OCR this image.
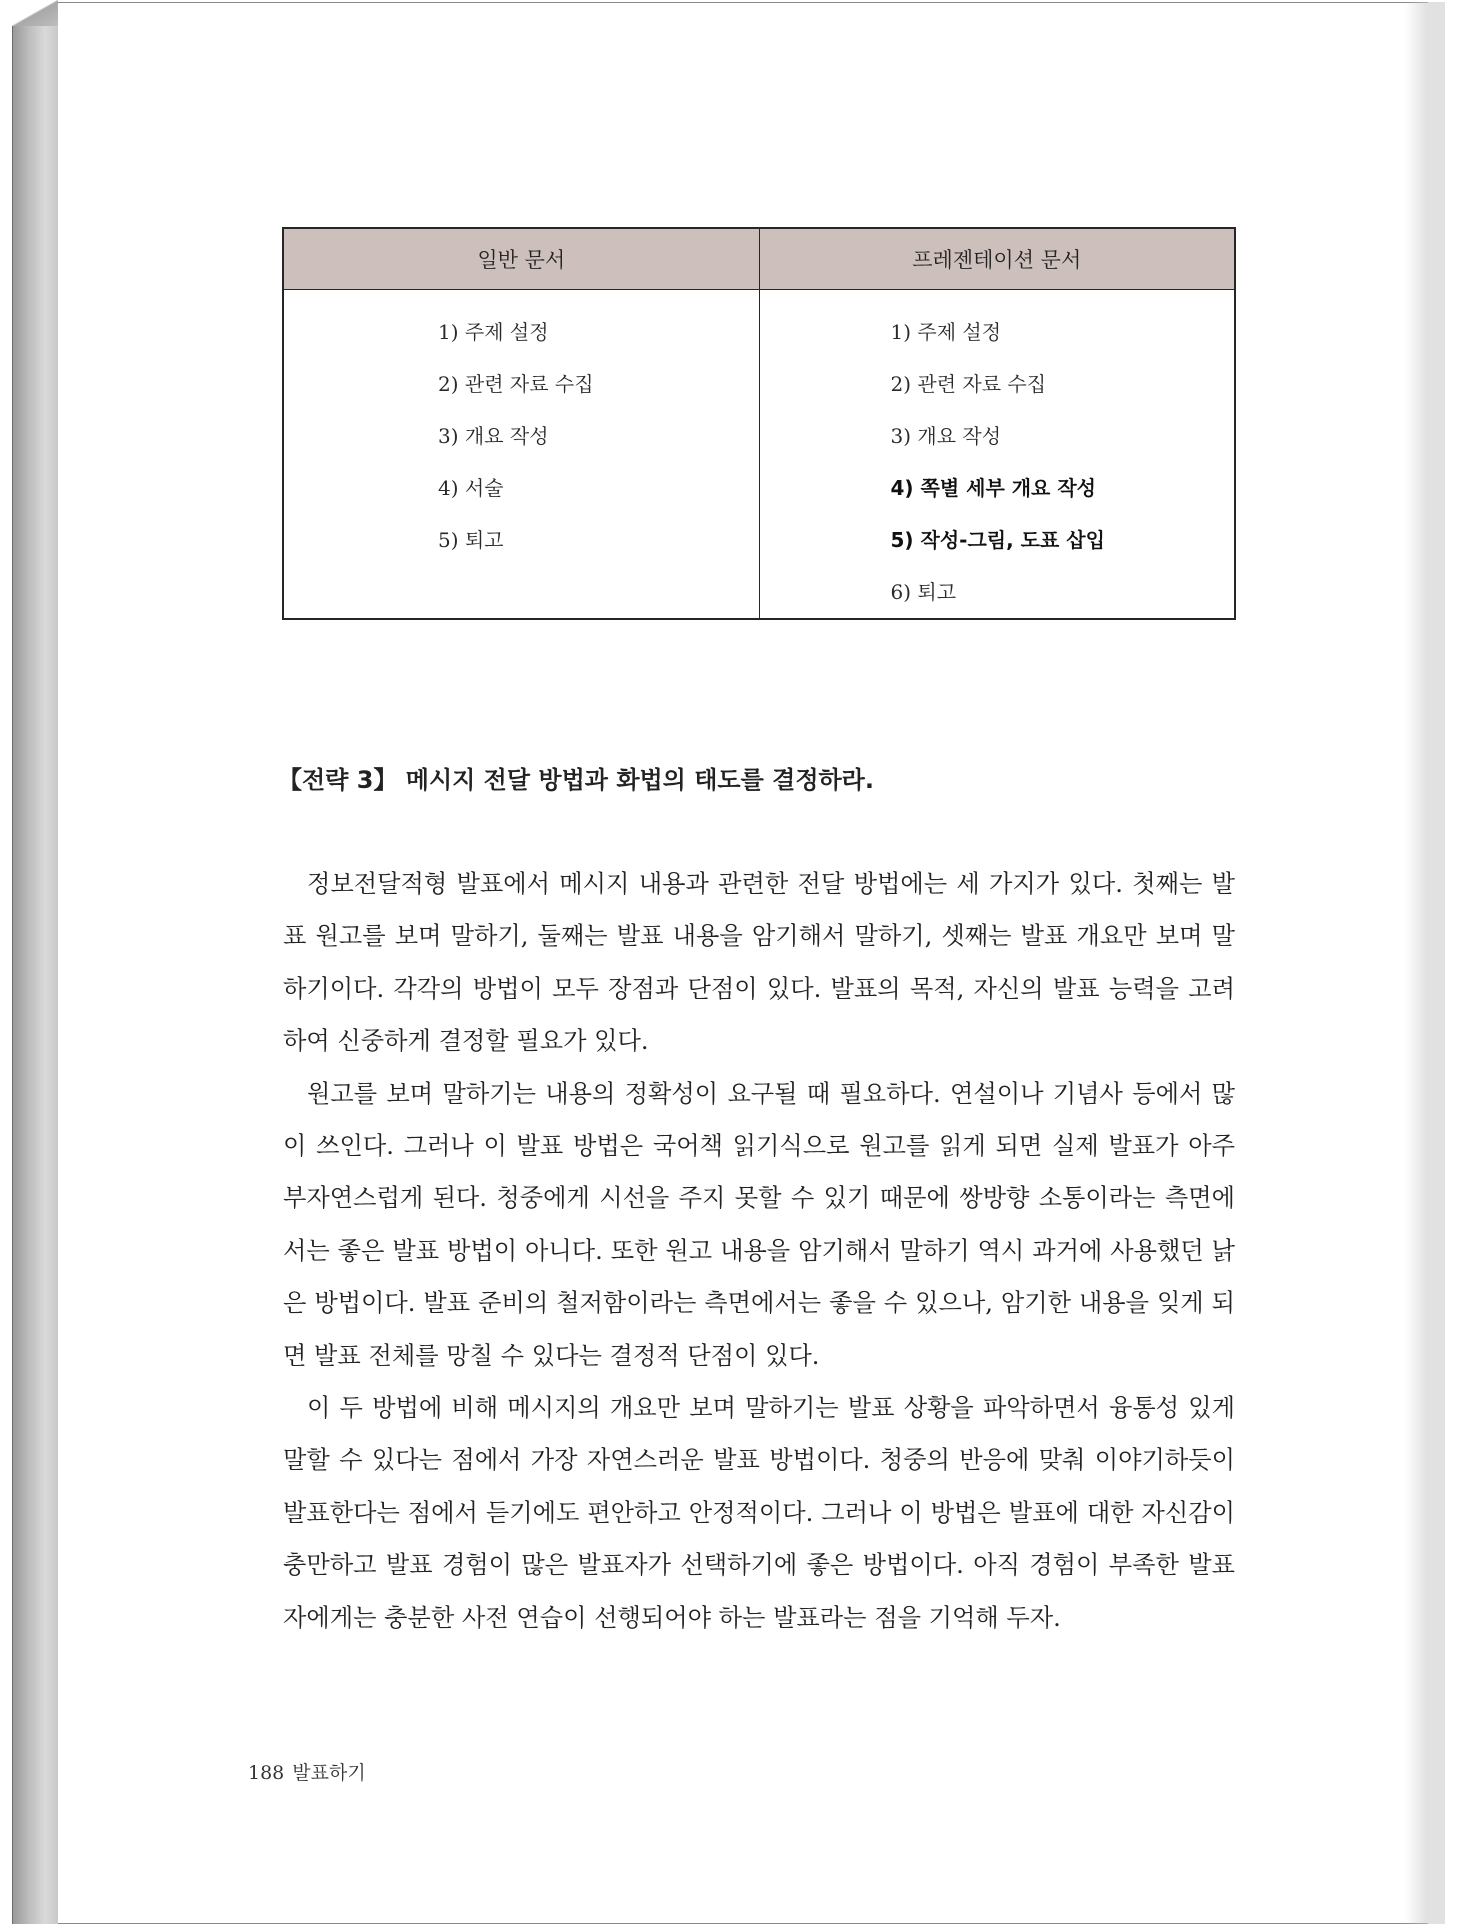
일반 문서	프레젠테이션 문서
1) 주제 설정
2) 관련 자료 수집
3) 개요 작성
4) 서술
5) 퇴고
1) 주제 설정
2) 관련 자료 수집
3) 개요 작성
4) 쪽별 세부 개요 작성
5) 작성-그림, 도표 삽입
6) 퇴고
【전략 3】 메시지 전달 방법과 화법의 태도를 결정하라.

정보전달적형 발표에서 메시지 내용과 관련한 전달 방법에는 세 가지가 있다. 첫째는 발표 원고를 보며 말하기, 둘째는 발표 내용을 암기해서 말하기, 셋째는 발표 개요만 보며 말하기이다. 각각의 방법이 모두 장점과 단점이 있다. 발표의 목적, 자신의 발표 능력을 고려하여 신중하게 결정할 필요가 있다.

원고를 보며 말하기는 내용의 정확성이 요구될 때 필요하다. 연설이나 기념사 등에서 많이 쓰인다. 그러나 이 발표 방법은 국어책 읽기식으로 원고를 읽게 되면 실제 발표가 아주 부자연스럽게 된다. 청중에게 시선을 주지 못할 수 있기 때문에 쌍방향 소통이라는 측면에서는 좋은 발표 방법이 아니다. 또한 원고 내용을 암기해서 말하기 역시 과거에 사용했던 낡은 방법이다. 발표 준비의 철저함이라는 측면에서는 좋을 수 있으나, 암기한 내용을 잊게 되면 발표 전체를 망칠 수 있다는 결정적 단점이 있다.

이 두 방법에 비해 메시지의 개요만 보며 말하기는 발표 상황을 파악하면서 융통성 있게 말할 수 있다는 점에서 가장 자연스러운 발표 방법이다. 청중의 반응에 맞춰 이야기하듯이 발표한다는 점에서 듣기에도 편안하고 안정적이다. 그러나 이 방법은 발표에 대한 자신감이 충만하고 발표 경험이 많은 발표자가 선택하기에 좋은 방법이다. 아직 경험이 부족한 발표자에게는 충분한 사전 연습이 선행되어야 하는 발표라는 점을 기억해 두자.

188 발표하기
